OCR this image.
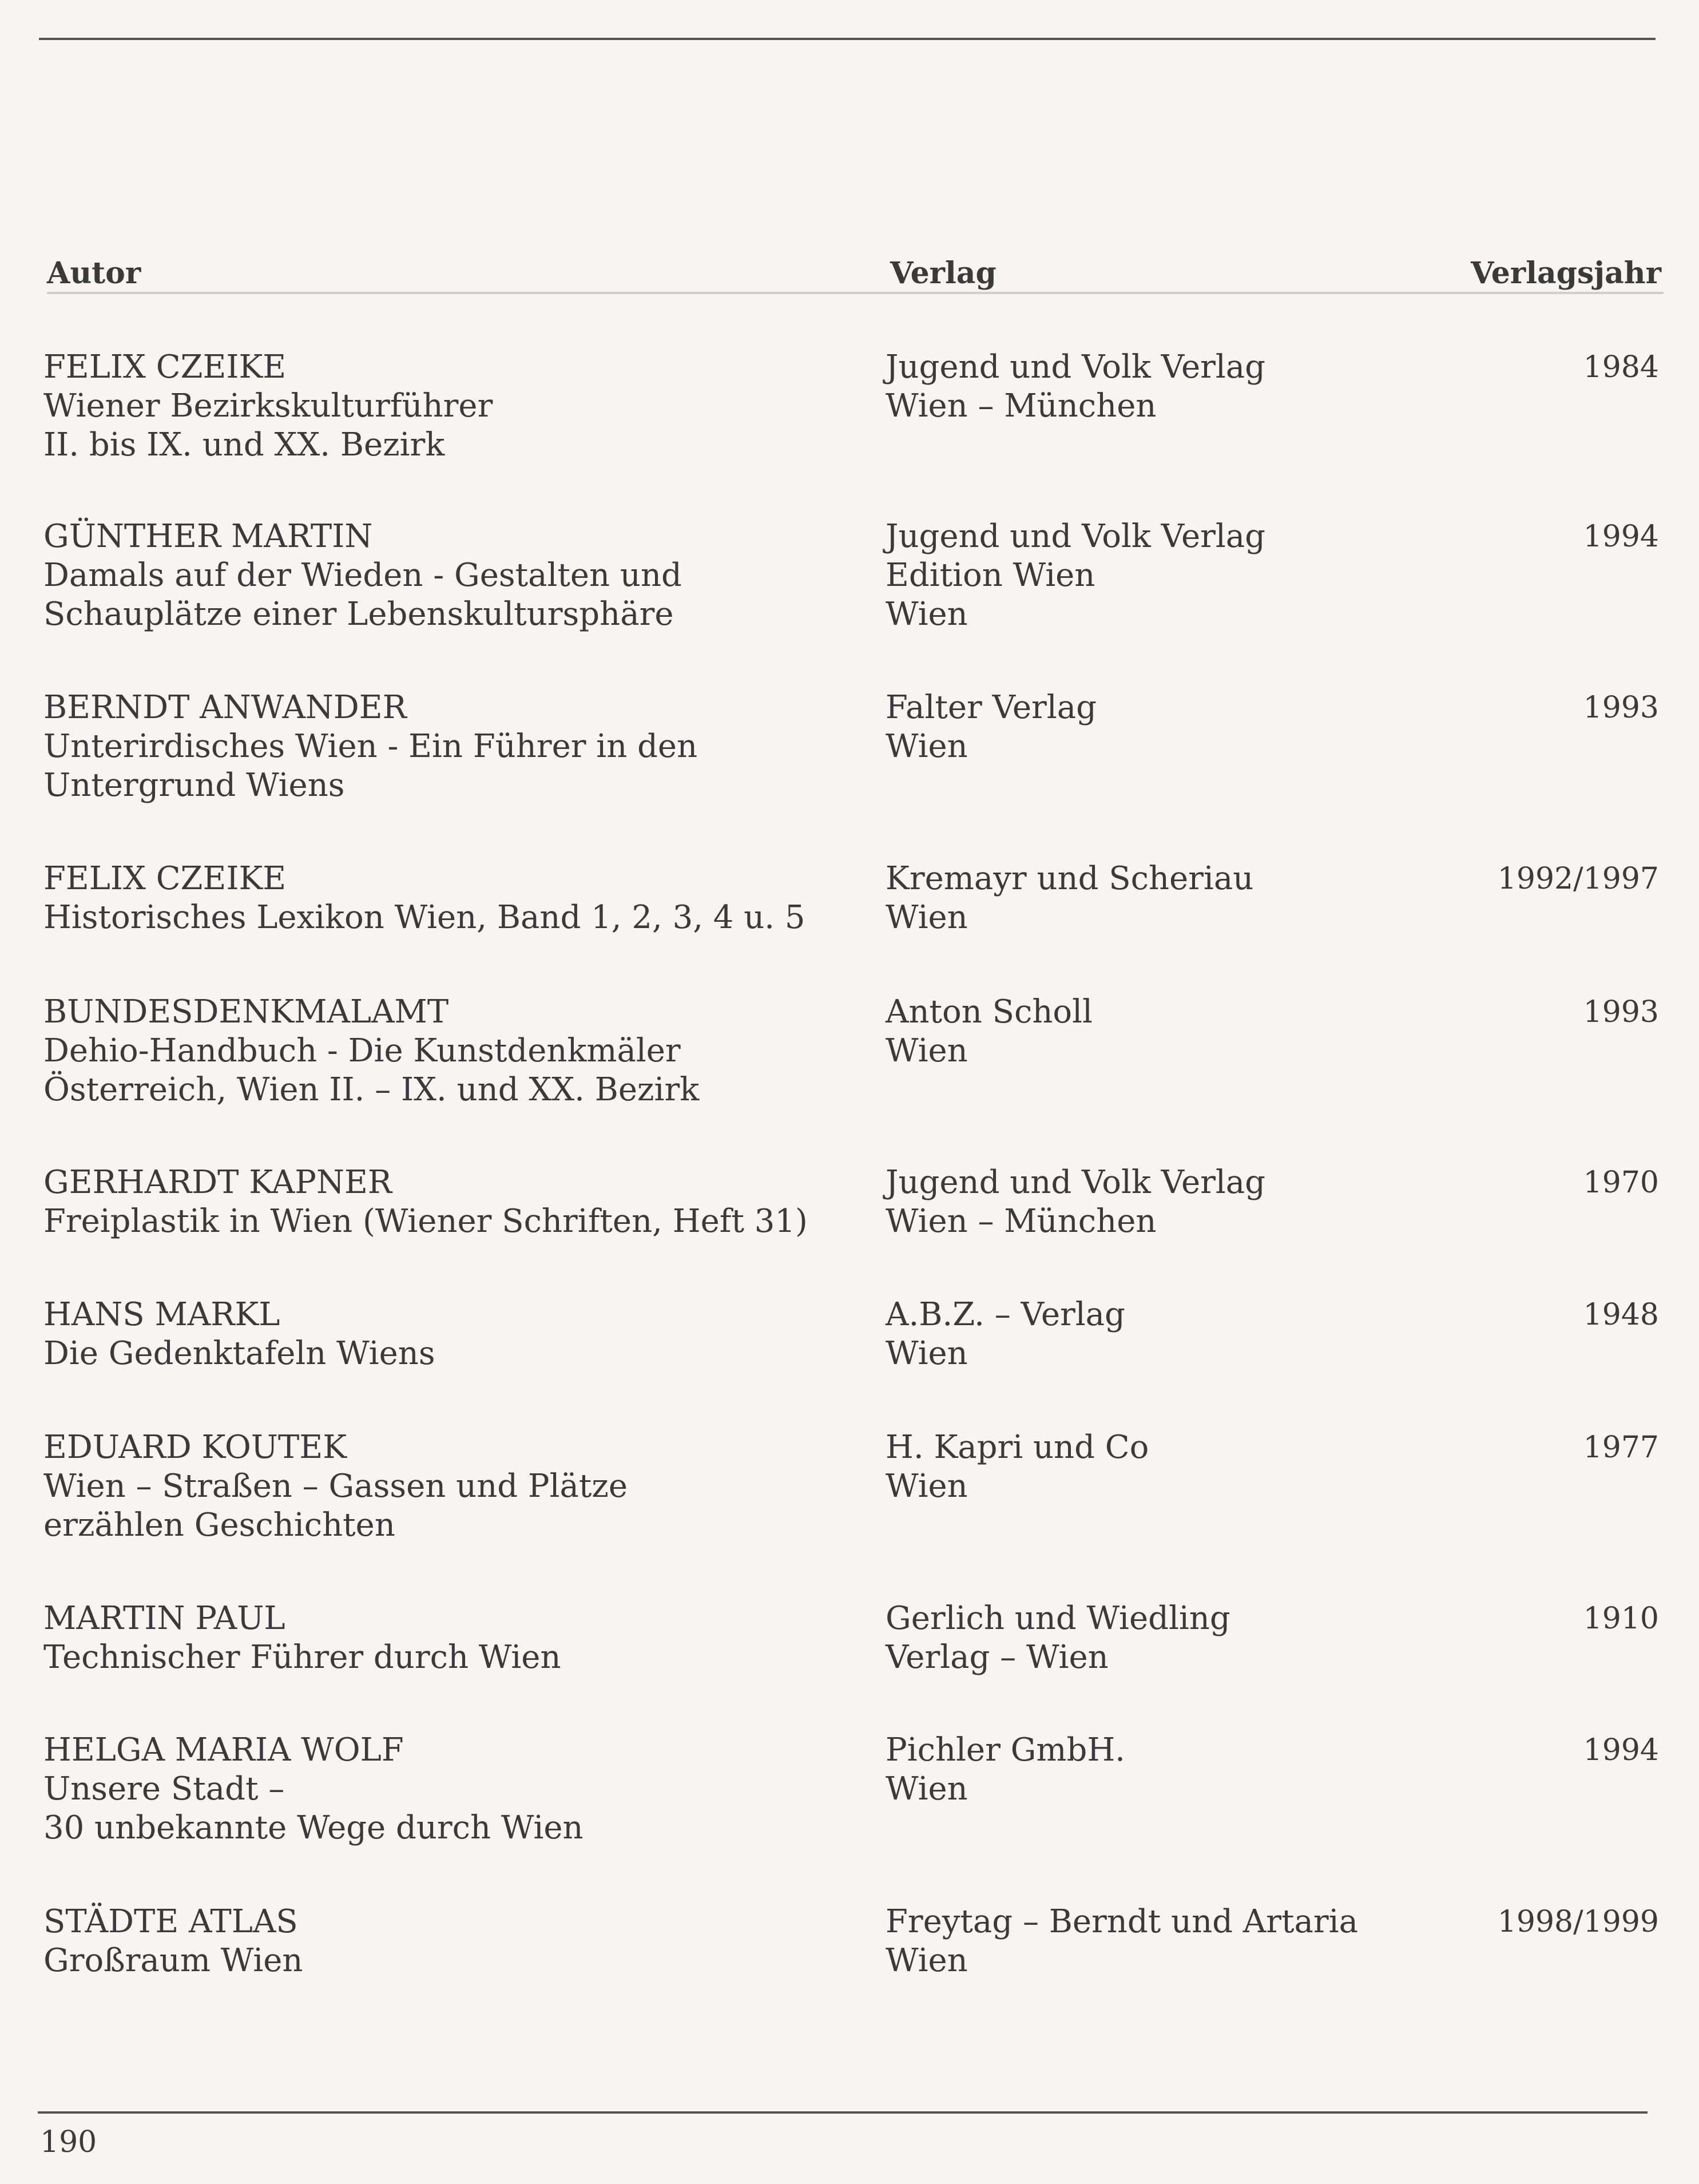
Autor	Verlag	Verlagsjahr
FELIX CZEIKE
Wiener Bezirkskulturführer
II. bis IX. und XX. Bezirk
Jugend und Volk Verlag
Wien – München
1984
GÜNTHER MARTIN
Damals auf der Wieden - Gestalten und
Schauplätze einer Lebenskultursphäre
Jugend und Volk Verlag
Edition Wien
Wien
1994
BERNDT ANWANDER
Unterirdisches Wien - Ein Führer in den
Untergrund Wiens
Falter Verlag
Wien
1993
FELIX CZEIKE
Historisches Lexikon Wien, Band 1, 2, 3, 4 u. 5
Kremayr und Scheriau
Wien
1992/1997
BUNDESDENKMALAMT
Dehio-Handbuch - Die Kunstdenkmäler
Österreich, Wien II. – IX. und XX. Bezirk
Anton Scholl
Wien
1993
GERHARDT KAPNER
Freiplastik in Wien (Wiener Schriften, Heft 31)
Jugend und Volk Verlag
Wien – München
1970
HANS MARKL
Die Gedenktafeln Wiens
A.B.Z. – Verlag
Wien
1948
EDUARD KOUTEK
Wien – Straßen – Gassen und Plätze
erzählen Geschichten
H. Kapri und Co
Wien
1977
MARTIN PAUL
Technischer Führer durch Wien
Gerlich und Wiedling
Verlag – Wien
1910
HELGA MARIA WOLF
Unsere Stadt –
30 unbekannte Wege durch Wien
Pichler GmbH.
Wien
1994
STÄDTE ATLAS
Großraum Wien
Freytag – Berndt und Artaria
Wien
1998/1999
190
